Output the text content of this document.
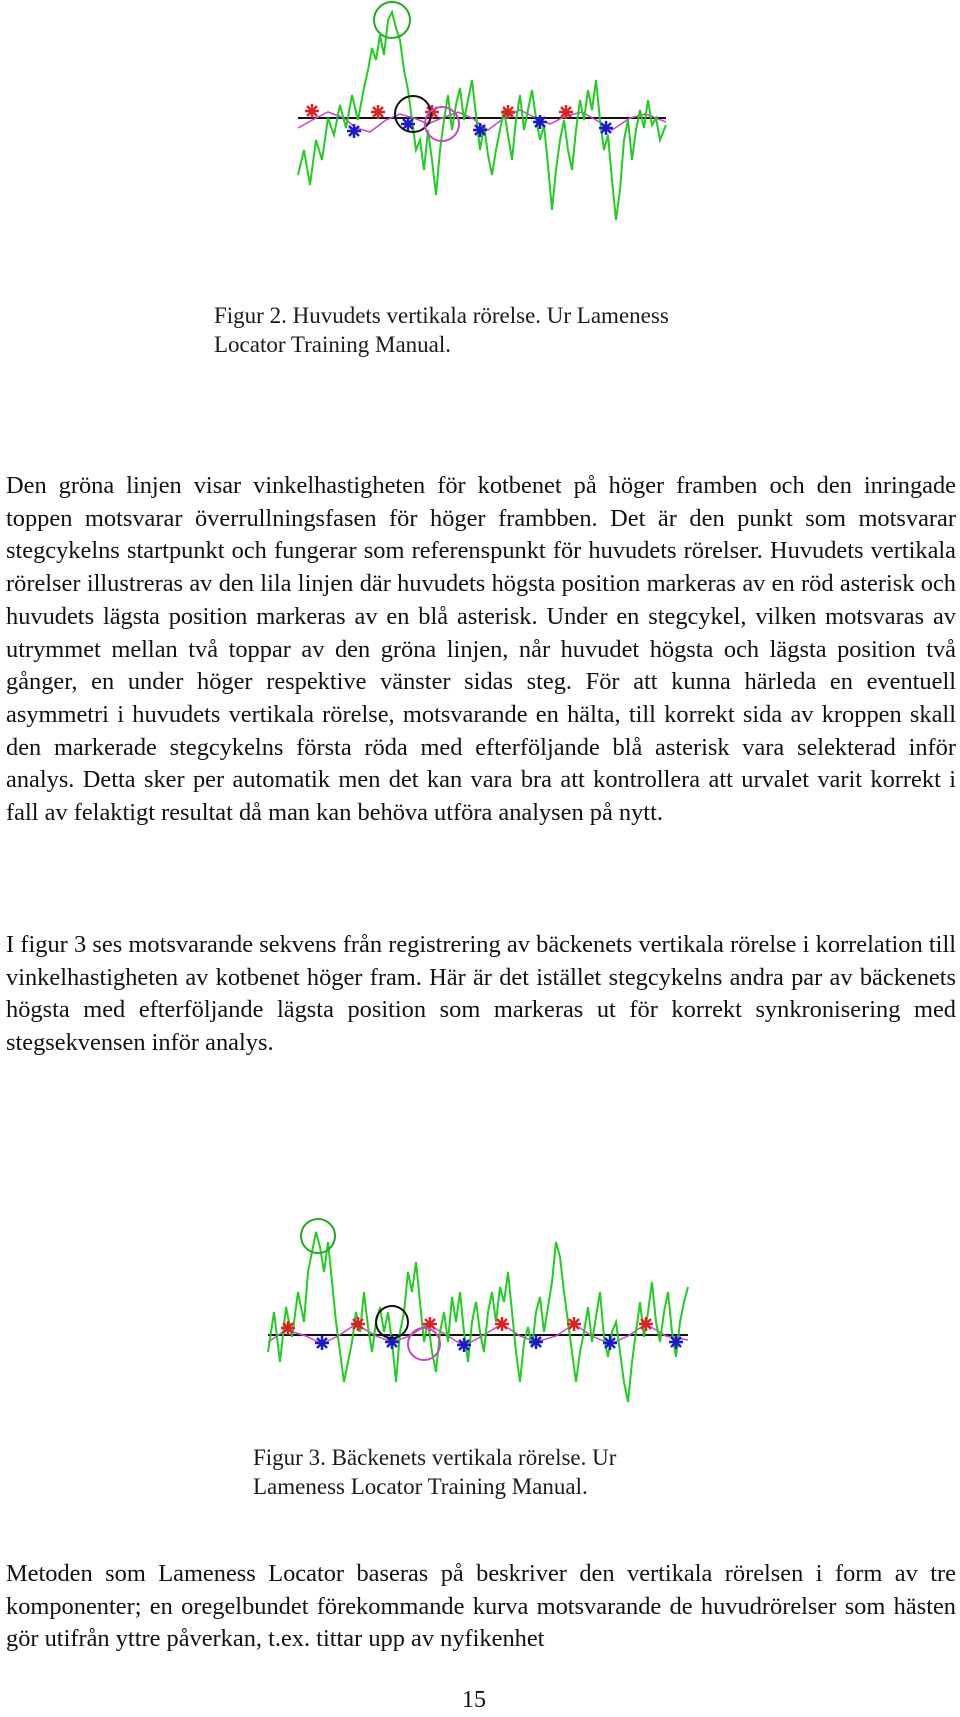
Figur 2. Huvudets vertikala rörelse. Ur Lameness
Locator Training Manual.
Den gröna linjen visar vinkelhastigheten för kotbenet på höger framben och den inringade toppen motsvarar överrullningsfasen för höger frambben. Det är den punkt som motsvarar stegcykelns startpunkt och fungerar som referenspunkt för huvudets rörelser. Huvudets vertikala rörelser illustreras av den lila linjen där huvudets högsta position markeras av en röd asterisk och huvudets lägsta position markeras av en blå asterisk. Under en stegcykel, vilken motsvaras av utrymmet mellan två toppar av den gröna linjen, når huvudet högsta och lägsta position två gånger, en under höger respektive vänster sidas steg. För att kunna härleda en eventuell asymmetri i huvudets vertikala rörelse, motsvarande en hälta, till korrekt sida av kroppen skall den markerade stegcykelns första röda med efterföljande blå asterisk vara selekterad inför analys. Detta sker per automatik men det kan vara bra att kontrollera att urvalet varit korrekt i fall av felaktigt resultat då man kan behöva utföra analysen på nytt.
I figur 3 ses motsvarande sekvens från registrering av bäckenets vertikala rörelse i korrelation till vinkelhastigheten av kotbenet höger fram. Här är det istället stegcykelns andra par av bäckenets högsta med efterföljande lägsta position som markeras ut för korrekt synkronisering med stegsekvensen inför analys.
Figur 3. Bäckenets vertikala rörelse. Ur
Lameness Locator Training Manual.
Metoden som Lameness Locator baseras på beskriver den vertikala rörelsen i form av tre komponenter; en oregelbundet förekommande kurva motsvarande de huvudrörelser som hästen gör utifrån yttre påverkan, t.ex. tittar upp av nyfikenhet
15
